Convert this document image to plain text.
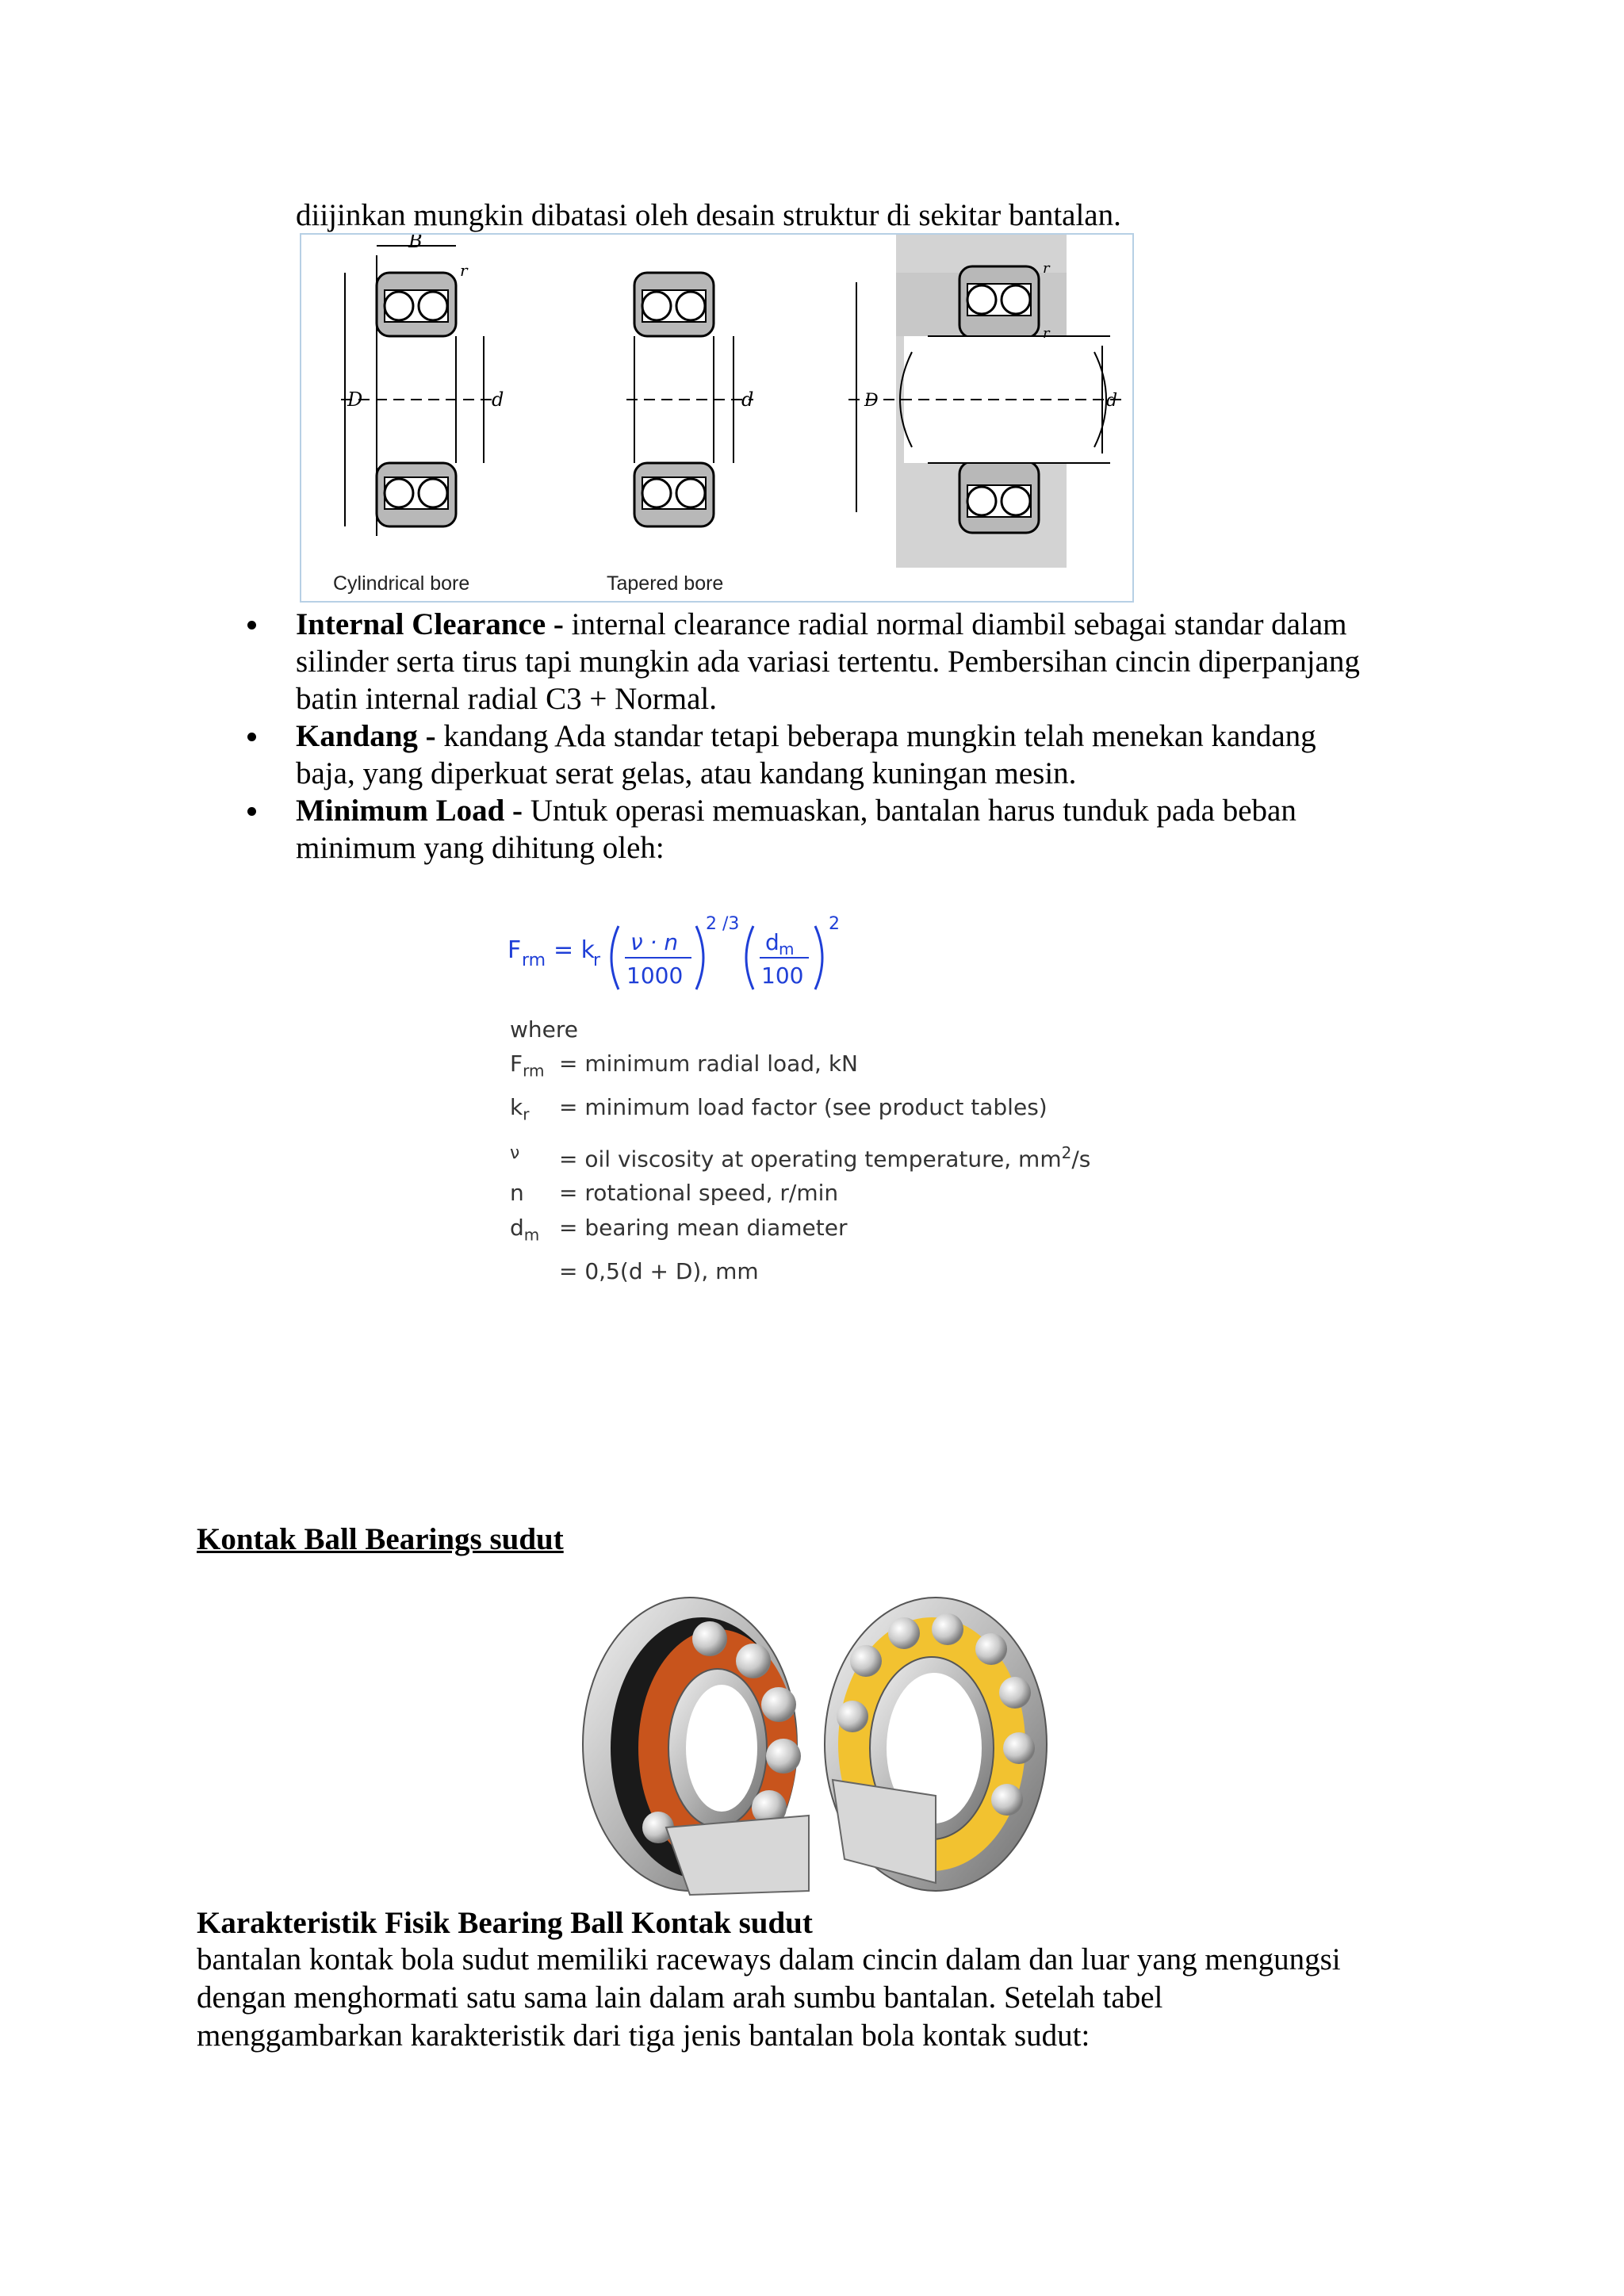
diijinkan mungkin dibatasi oleh desain struktur di sekitar bantalan.
B
r
D	d	d
r
r
D	d
Cylindrical bore	Tapered bore
Internal Clearance - internal clearance radial normal diambil sebagai standar dalam
silinder serta tirus tapi mungkin ada variasi tertentu. Pembersihan cincin diperpanjang
batin internal radial C3 + Normal.
Kandang - kandang Ada standar tetapi beberapa mungkin telah menekan kandang
baja, yang diperkuat serat gelas, atau kandang kuningan mesin.
Minimum Load - Untuk operasi memuaskan, bantalan harus tunduk pada beban
minimum yang dihitung oleh:
F rm = k
r
ν · n
1000
2 /3
d m
100
2
where
$F_{rm}$ = minimum radial load, kN
$k_r$ = minimum load factor (see product tables)
ν = oil viscosity at operating temperature, $mm^2/s$
n = rotational speed, r/min
$d_m$ = bearing mean diameter
= 0,5(d + D), mm
Kontak Ball Bearings sudut
Karakteristik Fisik Bearing Ball Kontak sudut
bantalan kontak bola sudut memiliki raceways dalam cincin dalam dan luar yang mengungsi
dengan menghormati satu sama lain dalam arah sumbu bantalan. Setelah tabel
menggambarkan karakteristik dari tiga jenis bantalan bola kontak sudut:
